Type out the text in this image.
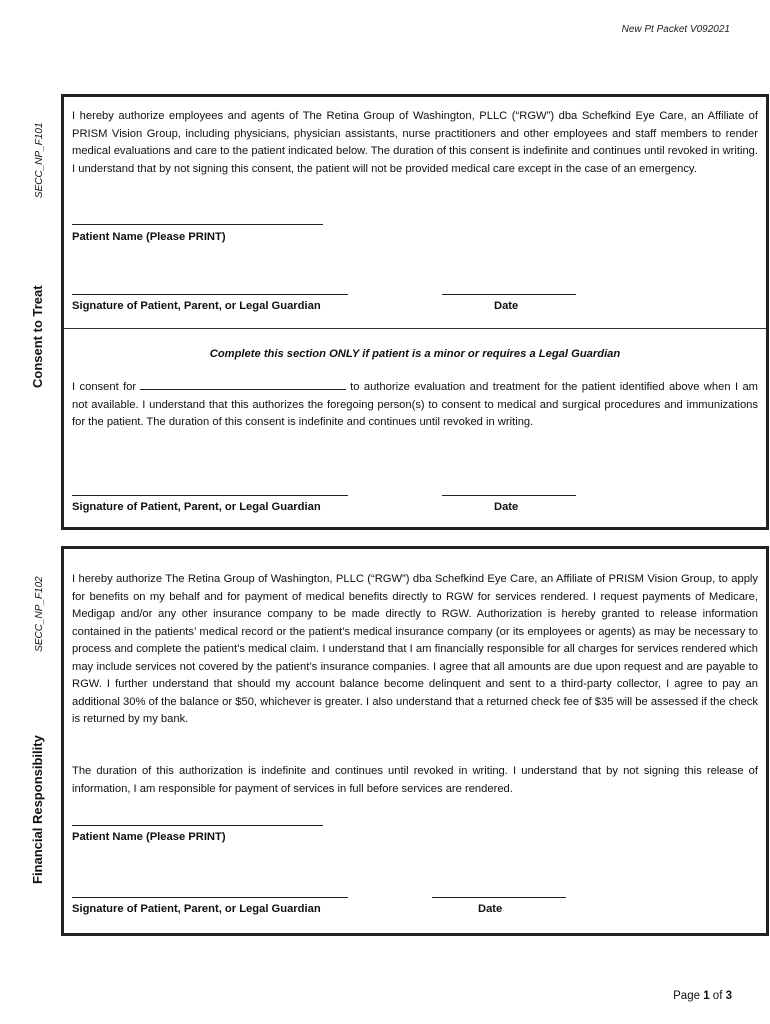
New Pt Packet V092021
Consent to Treat SECC_NP_F101
Financial Responsibility SECC_NP_F102

I hereby authorize employees and agents of The Retina Group of Washington, PLLC (“RGW”) dba Schefkind Eye Care, an Affiliate of PRISM Vision Group, including physicians, physician assistants, nurse practitioners and other employees and staff members to render medical evaluations and care to the patient indicated below. The duration of this consent is indefinite and continues until revoked in writing. I understand that by not signing this consent, the patient will not be provided medical care except in the case of an emergency.

Patient Name (Please PRINT)
Signature of Patient, Parent, or Legal Guardian	Date
Complete this section ONLY if patient is a minor or requires a Legal Guardian

I consent for	to authorize evaluation and treatment for the patient identified above when I am not available. I understand that this authorizes the foregoing person(s) to consent to medical and surgical procedures and immunizations for the patient. The duration of this consent is indefinite and continues until revoked in writing.

Signature of Patient, Parent, or Legal Guardian	Date

I hereby authorize The Retina Group of Washington, PLLC (“RGW”) dba Schefkind Eye Care, an Affiliate of PRISM Vision Group, to apply for benefits on my behalf and for payment of medical benefits directly to RGW for services rendered. I request payments of Medicare, Medigap and/or any other insurance company to be made directly to RGW. Authorization is hereby granted to release information contained in the patients’ medical record or the patient’s medical insurance company (or its employees or agents) as may be necessary to process and complete the patient’s medical claim. I understand that I am financially responsible for all charges for services rendered which may include services not covered by the patient’s insurance companies. I agree that all amounts are due upon request and are payable to RGW. I further understand that should my account balance become delinquent and sent to a third-party collector, I agree to pay an additional 30% of the balance or $50, whichever is greater. I also understand that a returned check fee of $35 will be assessed if the check is returned by my bank.

The duration of this authorization is indefinite and continues until revoked in writing. I understand that by not signing this release of information, I am responsible for payment of services in full before services are rendered.

Patient Name (Please PRINT)
Signature of Patient, Parent, or Legal Guardian	Date
Page 1 of 3
